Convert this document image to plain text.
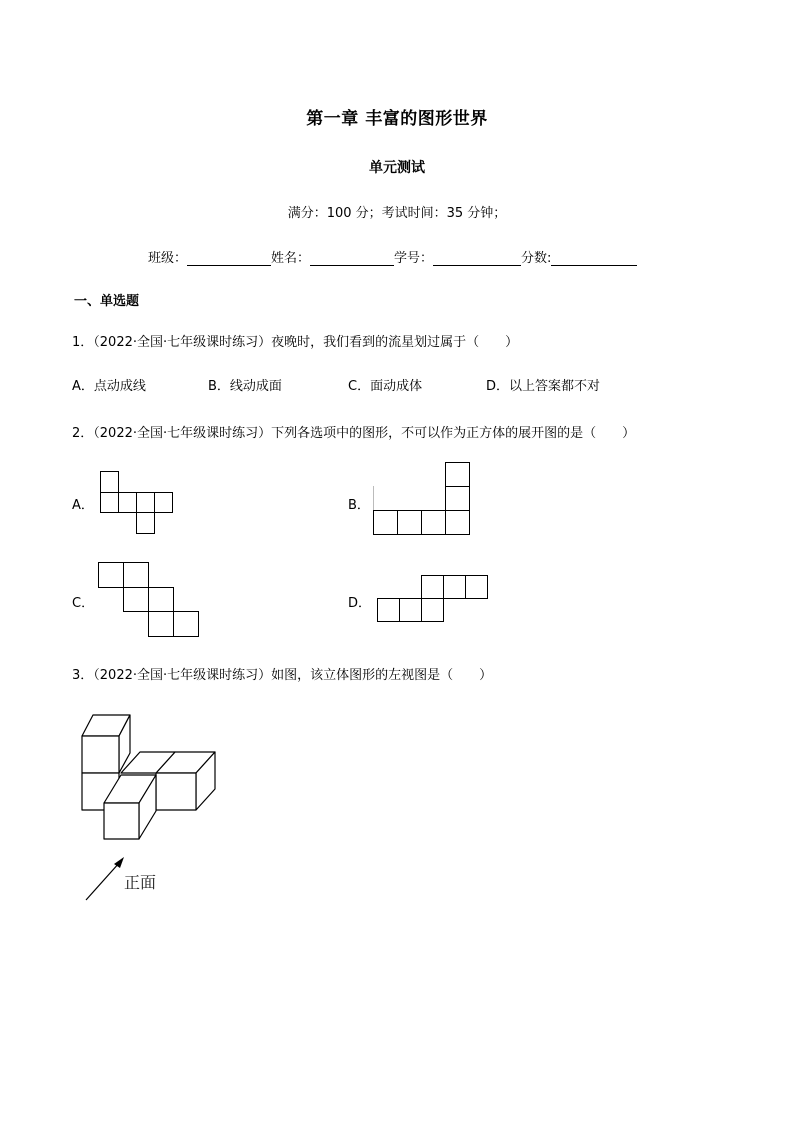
第一章 丰富的图形世界
单元测试
满分：100 分；考试时间：35 分钟；
班级：	姓名：	学号：	分数:
一、单选题
1．（2022·全国·七年级课时练习）夜晚时，我们看到的流星划过属于（　　）
A．点动成线	B．线动成面	C．面动成体	D．以上答案都不对
2．（2022·全国·七年级课时练习）下列各选项中的图形，不可以作为正方体的展开图的是（　　）
A．	B．
C．	D．
3．（2022·全国·七年级课时练习）如图，该立体图形的左视图是（　　）
正面
